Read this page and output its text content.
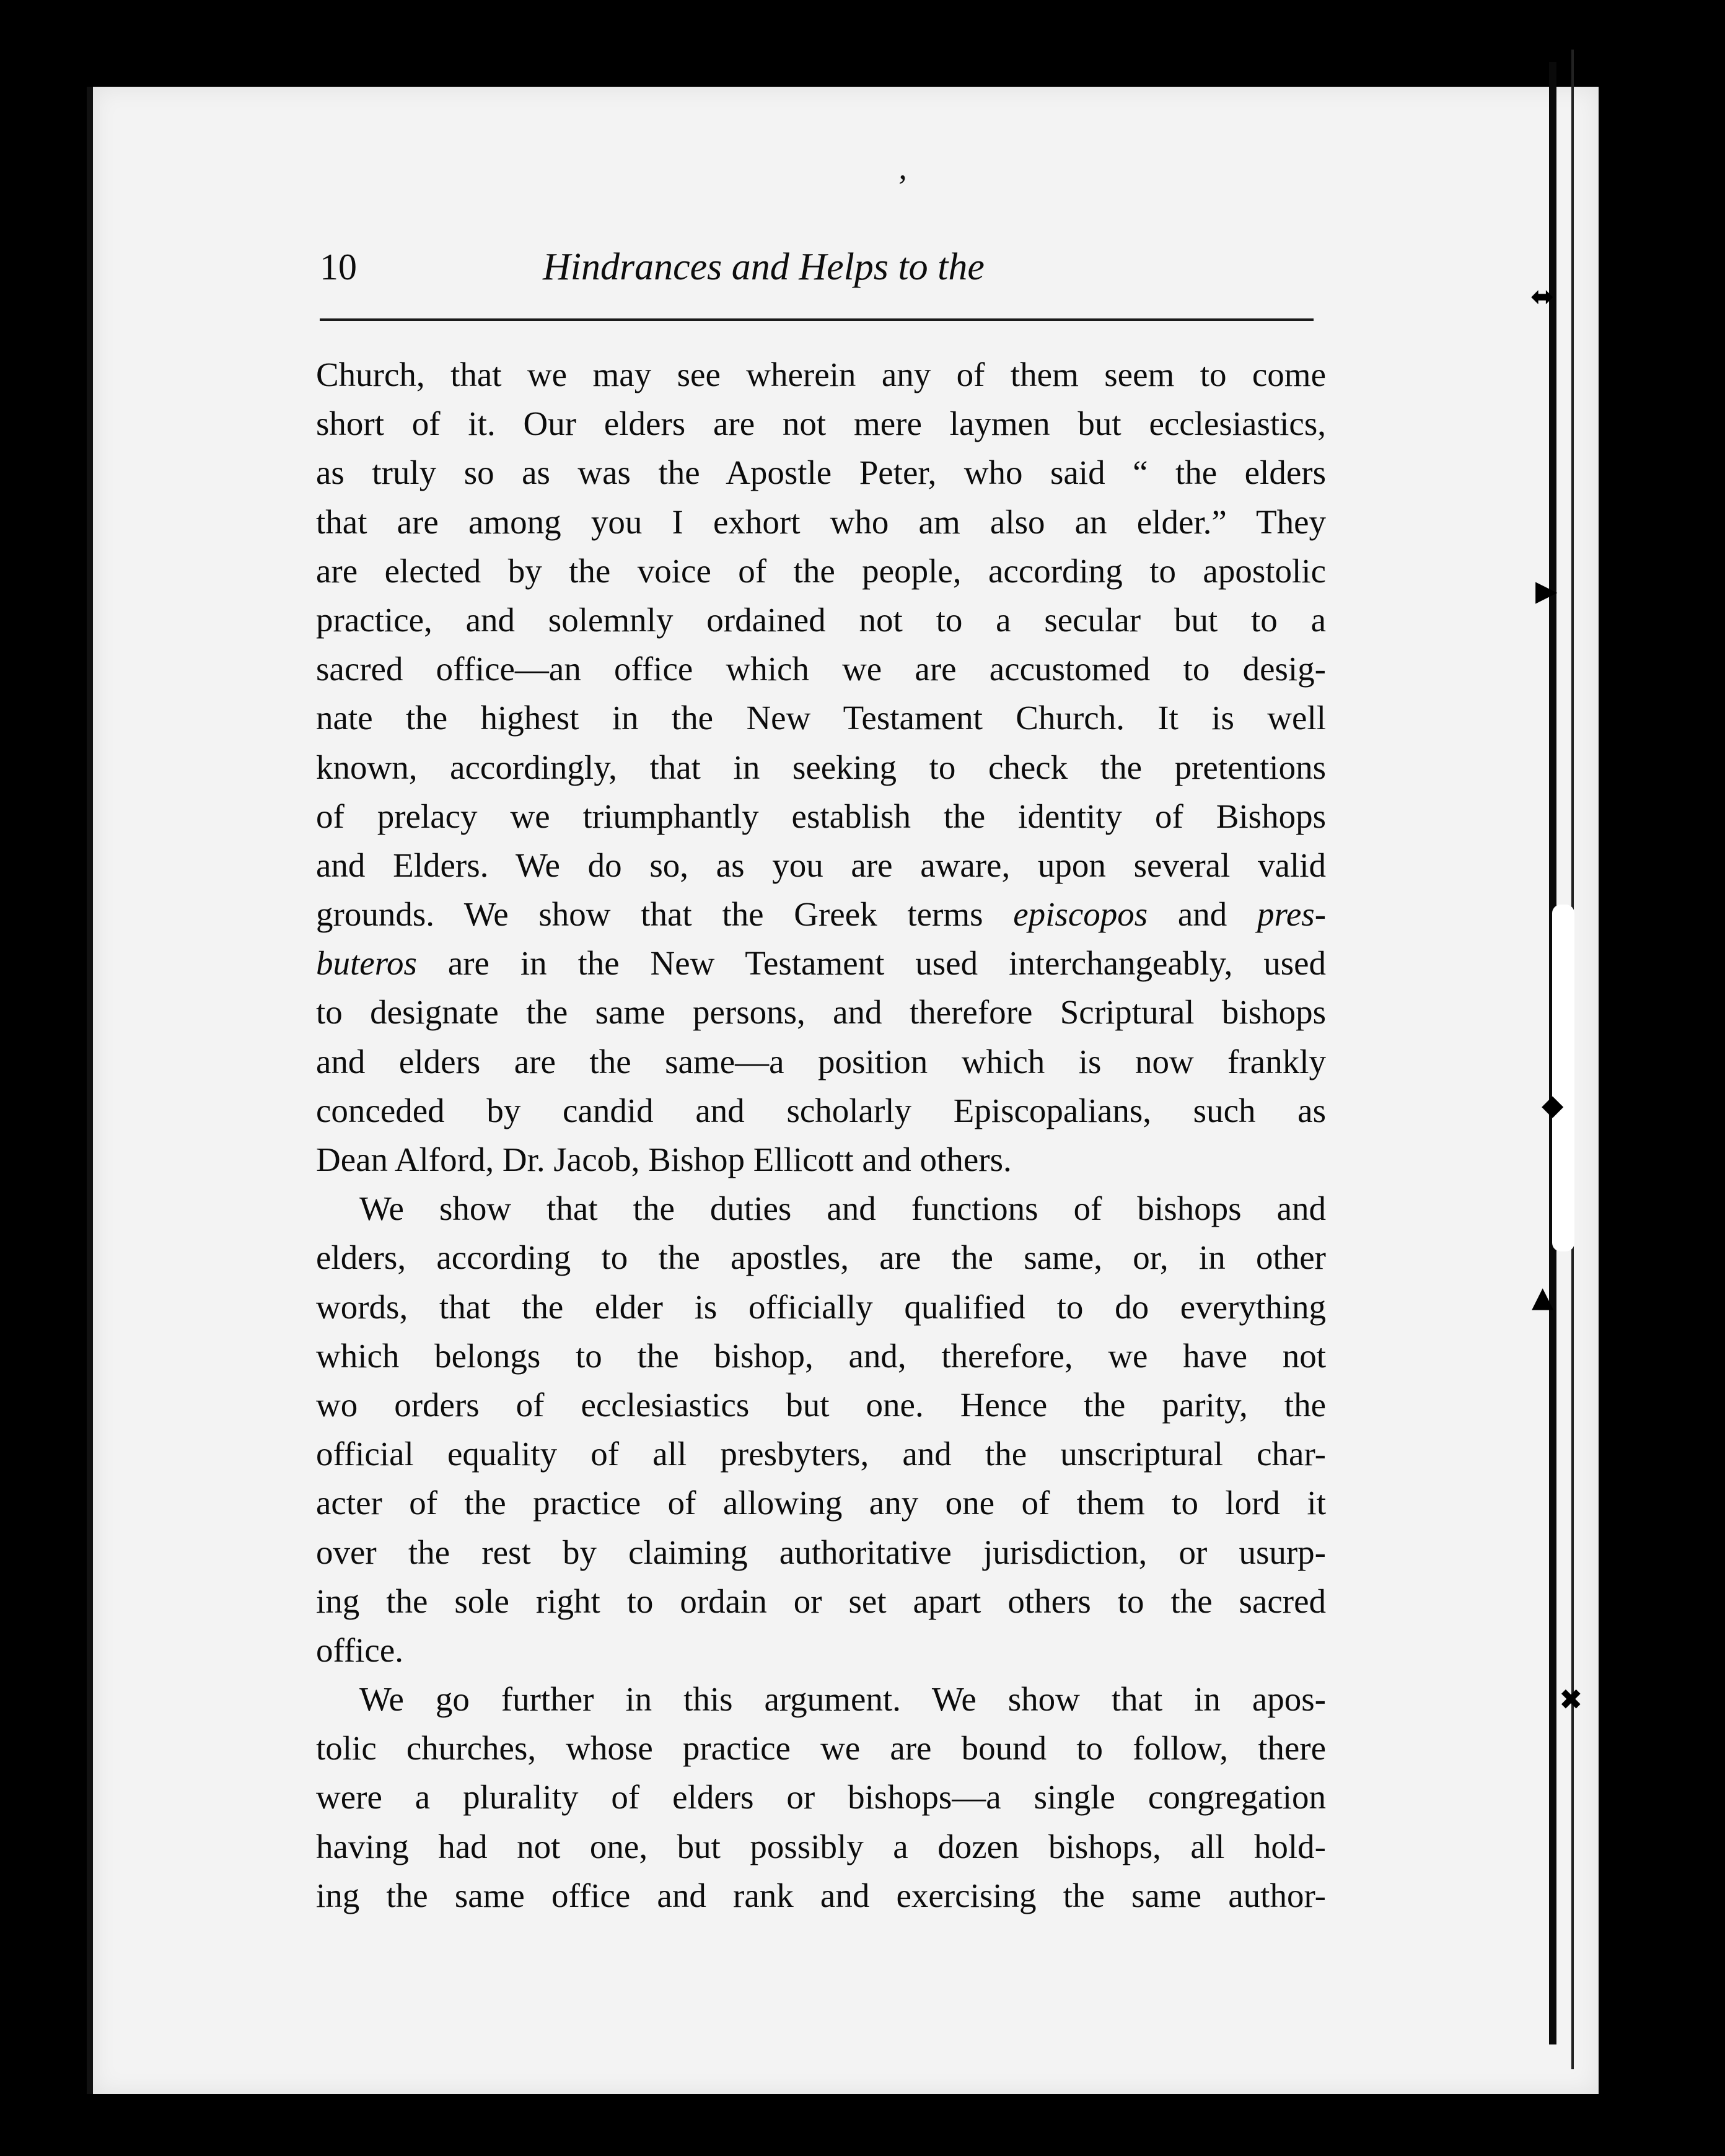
⬌
▶
◆
▲
✖
’
10	Hindrances and Helps to the
Church, that we may see wherein any of them seem to come
short of it. Our elders are not mere laymen but ecclesiastics,
as truly so as was the Apostle Peter, who said “ the elders
that are among you I exhort who am also an elder.” They
are elected by the voice of the people, according to apostolic
practice, and solemnly ordained not to a secular but to a
sacred office—an office which we are accustomed to desig-
nate the highest in the New Testament Church. It is well
known, accordingly, that in seeking to check the pretentions
of prelacy we triumphantly establish the identity of Bishops
and Elders. We do so, as you are aware, upon several valid
grounds. We show that the Greek terms episcopos and pres-
buteros are in the New Testament used interchangeably, used
to designate the same persons, and therefore Scriptural bishops
and elders are the same—a position which is now frankly
conceded by candid and scholarly Episcopalians, such as
Dean Alford, Dr. Jacob, Bishop Ellicott and others.
We show that the duties and functions of bishops and
elders, according to the apostles, are the same, or, in other
words, that the elder is officially qualified to do everything
which belongs to the bishop, and, therefore, we have not
wo orders of ecclesiastics but one. Hence the parity, the
official equality of all presbyters, and the unscriptural char-
acter of the practice of allowing any one of them to lord it
over the rest by claiming authoritative jurisdiction, or usurp-
ing the sole right to ordain or set apart others to the sacred
office.
We go further in this argument. We show that in apos-
tolic churches, whose practice we are bound to follow, there
were a plurality of elders or bishops—a single congregation
having had not one, but possibly a dozen bishops, all hold-
ing the same office and rank and exercising the same author-
